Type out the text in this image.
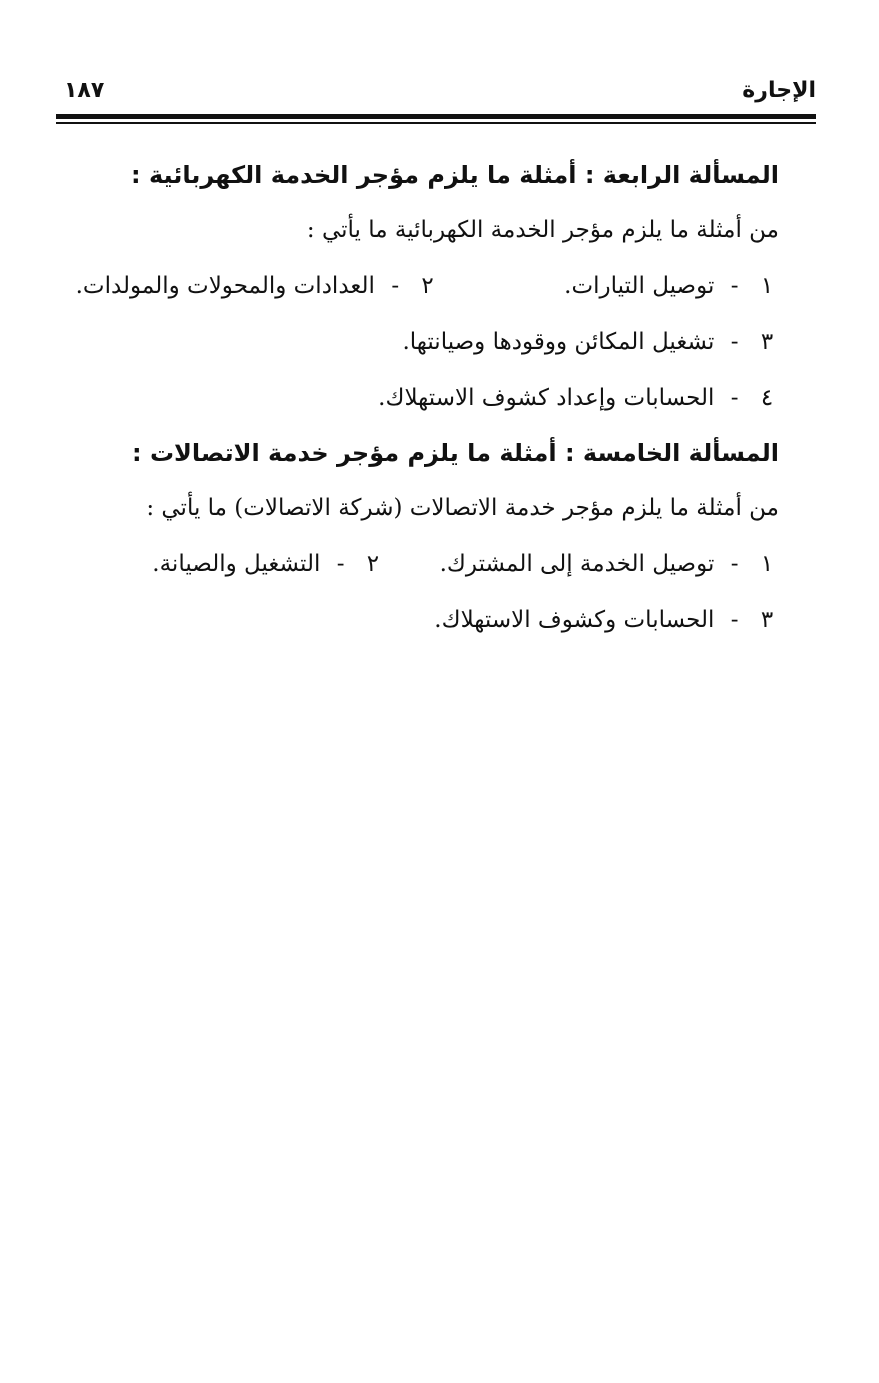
الإجارة
١٨٧
المسألة الرابعة : أمثلة ما يلزم مؤجر الخدمة الكهربائية :
من أمثلة ما يلزم مؤجر الخدمة الكهربائية ما يأتي :
١ - توصيل التيارات.  ٢ - العدادات والمحولات والمولدات.
٣ - تشغيل المكائن ووقودها وصيانتها.
٤ - الحسابات وإعداد كشوف الاستهلاك.
المسألة الخامسة : أمثلة ما يلزم مؤجر خدمة الاتصالات :
من أمثلة ما يلزم مؤجر خدمة الاتصالات (شركة الاتصالات) ما يأتي :
١ - توصيل الخدمة إلى المشترك.  ٢ - التشغيل والصيانة.
٣ - الحسابات وكشوف الاستهلاك.
